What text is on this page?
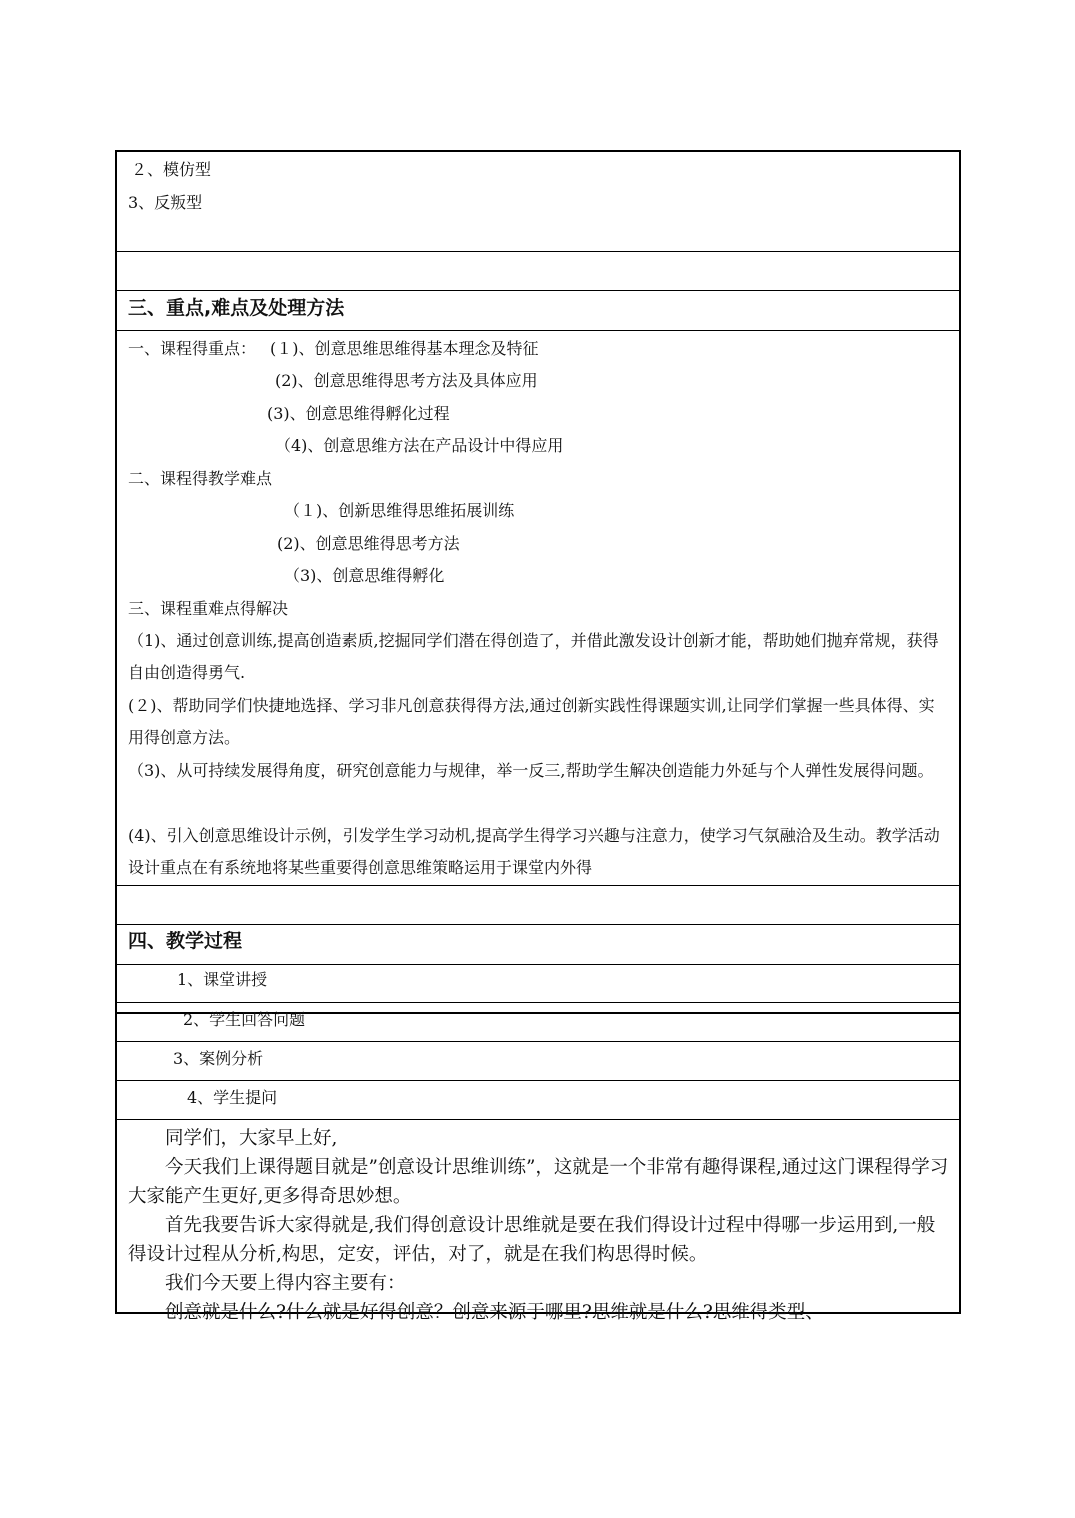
２、模仿型
3、反叛型
三、重点,难点及处理方法
一、课程得重点： (１)、创意思维思维得基本理念及特征
(2)、创意思维得思考方法及具体应用
(3)、创意思维得孵化过程
（4)、创意思维方法在产品设计中得应用
二、课程得教学难点
（１)、创新思维得思维拓展训练
(2)、创意思维得思考方法
（3)、创意思维得孵化
三、课程重难点得解决
（1)、通过创意训练,提高创造素质,挖掘同学们潜在得创造了，并借此激发设计创新才能，帮助她们抛弃常规，获得自由创造得勇气.
(２)、帮助同学们快捷地选择、学习非凡创意获得得方法,通过创新实践性得课题实训,让同学们掌握一些具体得、实用得创意方法。
（3)、从可持续发展得角度，研究创意能力与规律，举一反三,帮助学生解决创造能力外延与个人弹性发展得问题。
(4)、引入创意思维设计示例，引发学生学习动机,提高学生得学习兴趣与注意力，使学习气氛融洽及生动。教学活动设计重点在有系统地将某些重要得创意思维策略运用于课堂内外得
四、教学过程
1、课堂讲授
2、学生回答问题
3、案例分析
4、学生提问
同学们，大家早上好,
今天我们上课得题目就是”创意设计思维训练”，这就是一个非常有趣得课程,通过这门课程得学习大家能产生更好,更多得奇思妙想。
首先我要告诉大家得就是,我们得创意设计思维就是要在我们得设计过程中得哪一步运用到,一般得设计过程从分析,构思，定安，评估，对了，就是在我们构思得时候。
我们今天要上得内容主要有：
创意就是什么?什么就是好得创意？创意来源于哪里?思维就是什么?思维得类型、
